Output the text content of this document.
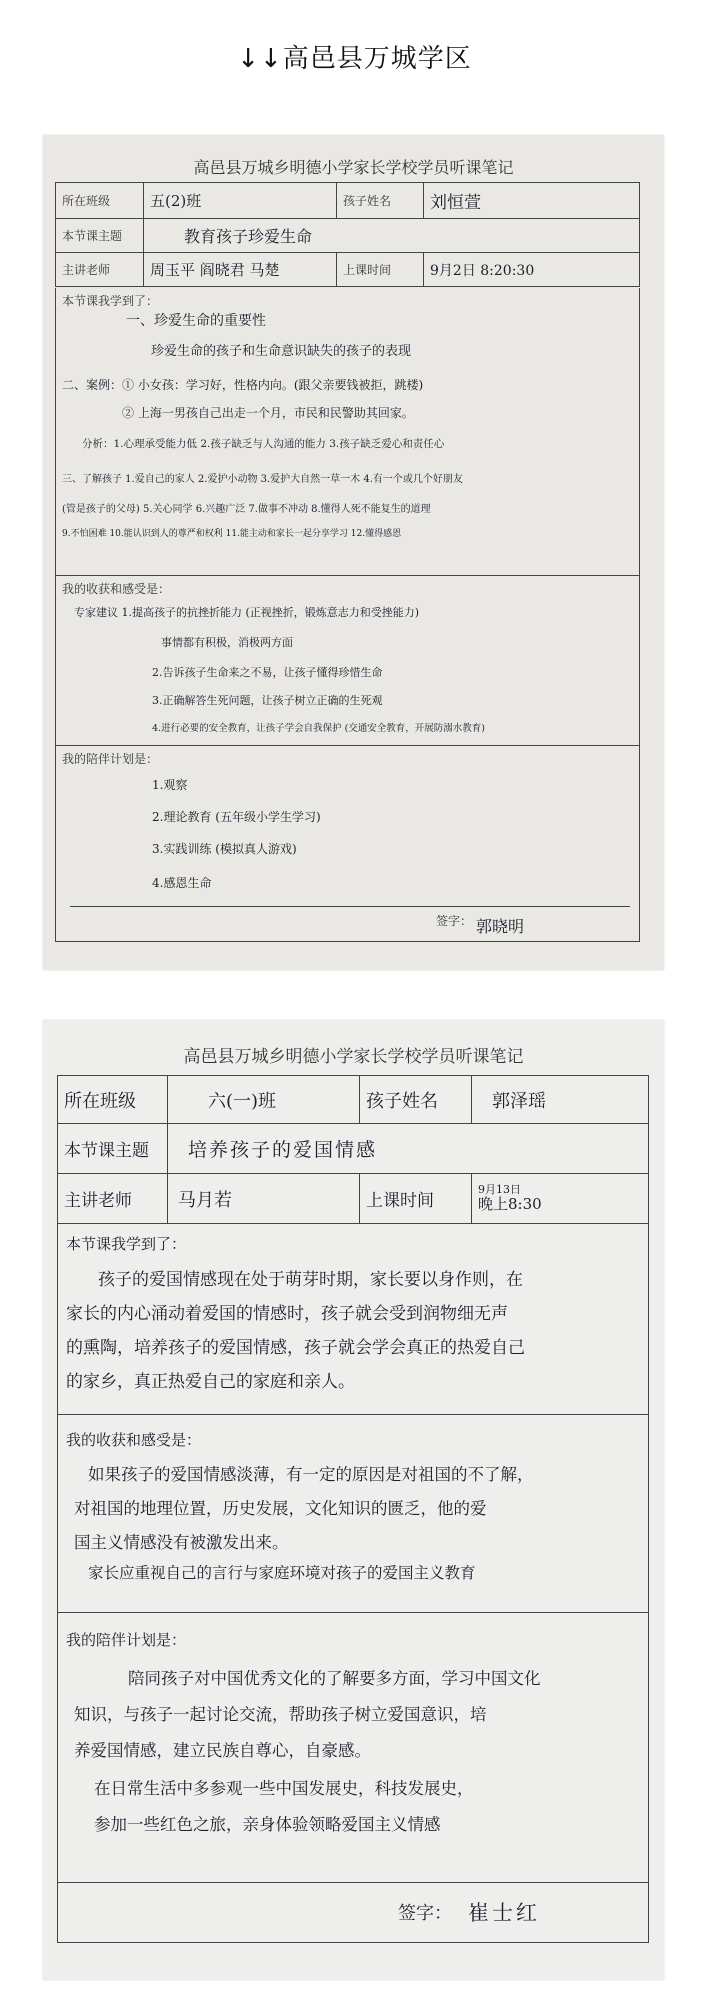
↓↓高邑县万城学区
高邑县万城乡明德小学家长学校学员听课笔记
所在班级	五(2)班	孩子姓名	刘恒萱
本节课主题	教育孩子珍爱生命		
主讲老师	周玉平 阎晓君 马楚	上课时间	9月2日 8:20:30
本节课我学到了：
一、珍爱生命的重要性
珍爱生命的孩子和生命意识缺失的孩子的表现
二、案例：① 小女孩：学习好，性格内向。(跟父亲要钱被拒，跳楼)
② 上海一男孩自己出走一个月，市民和民警助其回家。
分析：1.心理承受能力低 2.孩子缺乏与人沟通的能力 3.孩子缺乏爱心和责任心
三、了解孩子 1.爱自己的家人 2.爱护小动物 3.爱护大自然一草一木 4.有一个或几个好朋友
(管是孩子的父母) 5.关心同学 6.兴趣广泛 7.做事不冲动 8.懂得人死不能复生的道理
9.不怕困难 10.能认识到人的尊严和权利 11.能主动和家长一起分享学习 12.懂得感恩
我的收获和感受是：
专家建议 1.提高孩子的抗挫折能力 (正视挫折，锻炼意志力和受挫能力)
事情都有积极，消极两方面
2.告诉孩子生命来之不易，让孩子懂得珍惜生命
3.正确解答生死问题，让孩子树立正确的生死观
4.进行必要的安全教育，让孩子学会自我保护 (交通安全教育，开展防溺水教育)
我的陪伴计划是：
1.观察
2.理论教育 (五年级小学生学习)
3.实践训练 (模拟真人游戏)
4.感恩生命
签字： 郭晓明
高邑县万城乡明德小学家长学校学员听课笔记
所在班级	六(一)班	孩子姓名	郭泽瑶
本节课主题	培养孩子的爱国情感		
主讲老师	马月若	上课时间	9月13日
晚上8:30
本节课我学到了：
孩子的爱国情感现在处于萌芽时期，家长要以身作则，在
家长的内心涌动着爱国的情感时，孩子就会受到润物细无声
的熏陶，培养孩子的爱国情感，孩子就会学会真正的热爱自己
的家乡，真正热爱自己的家庭和亲人。
我的收获和感受是：
如果孩子的爱国情感淡薄，有一定的原因是对祖国的不了解，
对祖国的地理位置，历史发展，文化知识的匮乏，他的爱
国主义情感没有被激发出来。
家长应重视自己的言行与家庭环境对孩子的爱国主义教育
我的陪伴计划是：
陪同孩子对中国优秀文化的了解要多方面，学习中国文化
知识，与孩子一起讨论交流，帮助孩子树立爱国意识，培
养爱国情感，建立民族自尊心，自豪感。
在日常生活中多参观一些中国发展史，科技发展史，
参加一些红色之旅，亲身体验领略爱国主义情感
签字： 崔士红
